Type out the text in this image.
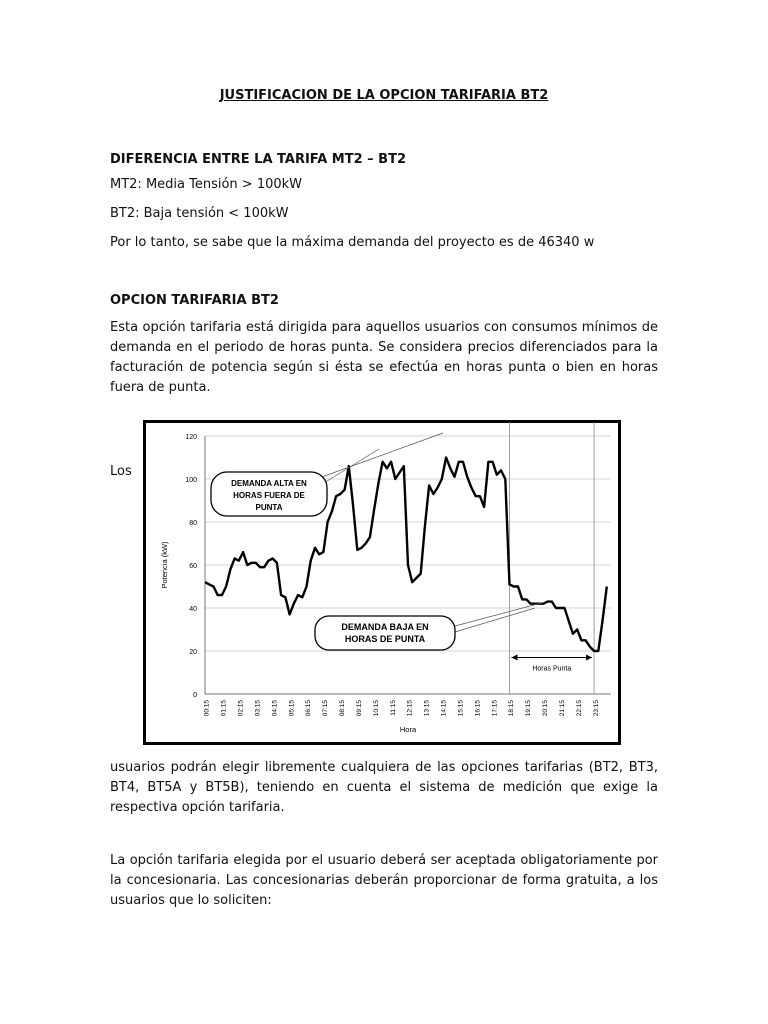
JUSTIFICACION DE LA OPCION TARIFARIA BT2

DIFERENCIA ENTRE LA TARIFA MT2 – BT2

MT2: Media Tensión > 100kW

BT2: Baja tensión < 100kW

Por lo tanto, se sabe que la máxima demanda del proyecto es de 46340 w

OPCION TARIFARIA BT2

Esta opción tarifaria está dirigida para aquellos usuarios con consumos mínimos de demanda en el periodo de horas punta. Se considera precios diferenciados para la facturación de potencia según si ésta se efectúa en horas punta o bien en horas fuera de punta.

Los

0
20
40
60
80
100
120
00:15 01:15 02:15 03:15 04:15 05:15 06:15 07:15 08:15 09:15 10:15 11:15 12:15 13:15 14:15 15:15 16:15 17:15 18:15 19:15 20:15 21:15 22:15 23:15
Hora
Potencia (kW)
Horas Punta
DEMANDA ALTA EN
HORAS FUERA DE
PUNTA
DEMANDA BAJA EN
HORAS DE PUNTA

usuarios podrán elegir libremente cualquiera de las opciones tarifarias (BT2, BT3, BT4, BT5A y BT5B), teniendo en cuenta el sistema de medición que exige la respectiva opción tarifaria.

La opción tarifaria elegida por el usuario deberá ser aceptada obligatoriamente por la concesionaria. Las concesionarias deberán proporcionar de forma gratuita, a los usuarios que lo soliciten:
